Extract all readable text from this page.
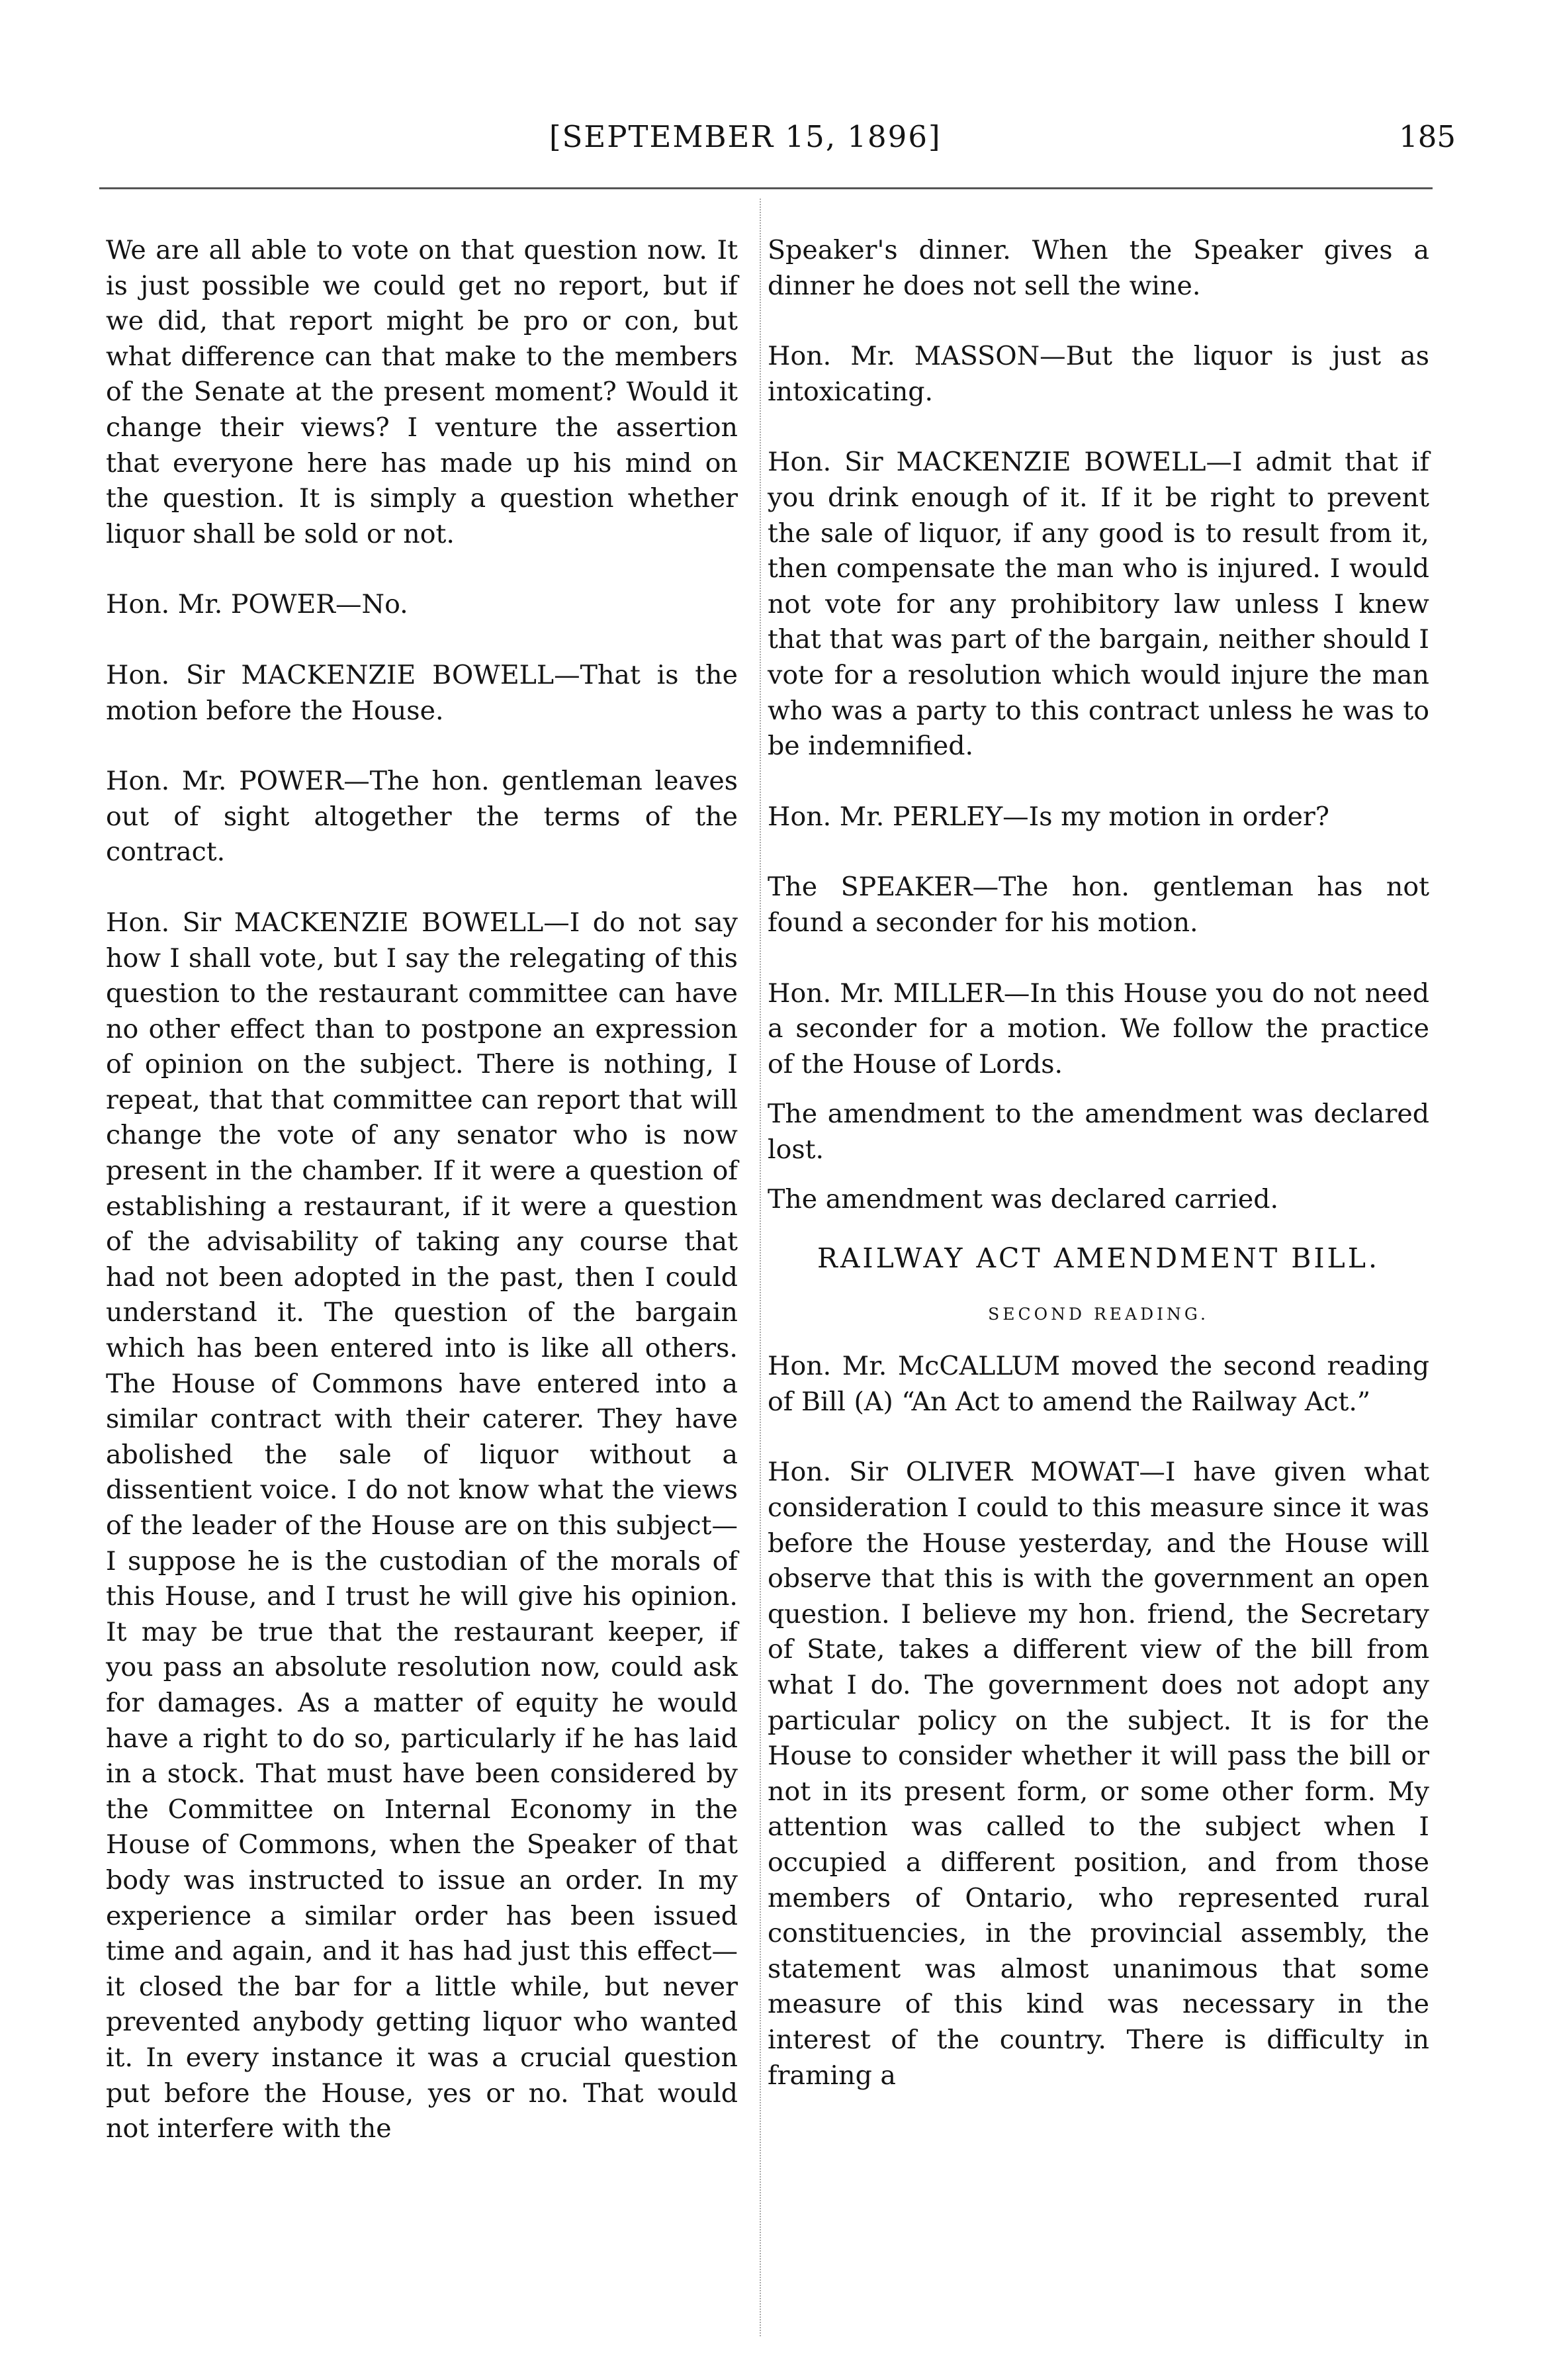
[SEPTEMBER 15, 1896]	185

We are all able to vote on that question now. It is just possible we could get no report, but if we did, that report might be pro or con, but what difference can that make to the members of the Senate at the present moment? Would it change their views? I venture the assertion that everyone here has made up his mind on the question. It is simply a question whether liquor shall be sold or not.

Hon. Mr. POWER—No.

Hon. Sir MACKENZIE BOWELL—That is the motion before the House.

Hon. Mr. POWER—The hon. gentleman leaves out of sight altogether the terms of the contract.

Hon. Sir MACKENZIE BOWELL—I do not say how I shall vote, but I say the relegating of this question to the restaurant committee can have no other effect than to postpone an expression of opinion on the subject. There is nothing, I repeat, that that committee can report that will change the vote of any senator who is now present in the chamber. If it were a question of establishing a restaurant, if it were a question of the advisability of taking any course that had not been adopted in the past, then I could understand it. The question of the bargain which has been entered into is like all others. The House of Commons have entered into a similar contract with their caterer. They have abolished the sale of liquor without a dissentient voice. I do not know what the views of the leader of the House are on this subject—I suppose he is the custodian of the morals of this House, and I trust he will give his opinion. It may be true that the restaurant keeper, if you pass an absolute resolution now, could ask for damages. As a matter of equity he would have a right to do so, particularly if he has laid in a stock. That must have been considered by the Committee on Internal Economy in the House of Commons, when the Speaker of that body was instructed to issue an order. In my experience a similar order has been issued time and again, and it has had just this effect—it closed the bar for a little while, but never prevented anybody getting liquor who wanted it. In every instance it was a crucial question put before the House, yes or no. That would not interfere with the

Speaker's dinner. When the Speaker gives a dinner he does not sell the wine.

Hon. Mr. MASSON—But the liquor is just as intoxicating.

Hon. Sir MACKENZIE BOWELL—I admit that if you drink enough of it. If it be right to prevent the sale of liquor, if any good is to result from it, then compensate the man who is injured. I would not vote for any prohibitory law unless I knew that that was part of the bargain, neither should I vote for a resolution which would injure the man who was a party to this contract unless he was to be indemnified.

Hon. Mr. PERLEY—Is my motion in order?

The SPEAKER—The hon. gentleman has not found a seconder for his motion.

Hon. Mr. MILLER—In this House you do not need a seconder for a motion. We follow the practice of the House of Lords.

The amendment to the amendment was declared lost.

The amendment was declared carried.

RAILWAY ACT AMENDMENT BILL.
SECOND READING.

Hon. Mr. McCALLUM moved the second reading of Bill (A) “An Act to amend the Railway Act.”

Hon. Sir OLIVER MOWAT—I have given what consideration I could to this measure since it was before the House yesterday, and the House will observe that this is with the government an open question. I believe my hon. friend, the Secretary of State, takes a different view of the bill from what I do. The government does not adopt any particular policy on the subject. It is for the House to consider whether it will pass the bill or not in its present form, or some other form. My attention was called to the subject when I occupied a different position, and from those members of Ontario, who represented rural constituencies, in the provincial assembly, the statement was almost unanimous that some measure of this kind was necessary in the interest of the country. There is difficulty in framing a
